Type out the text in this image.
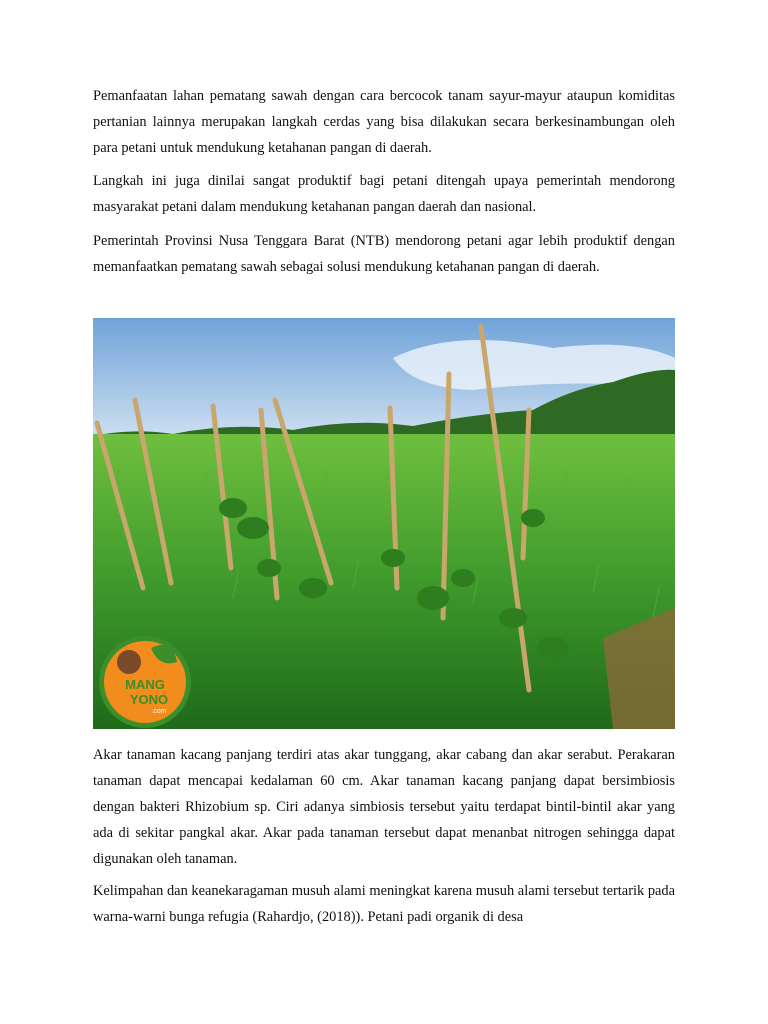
Pemanfaatan lahan pematang sawah dengan cara bercocok tanam sayur-mayur ataupun komiditas pertanian lainnya merupakan langkah cerdas yang bisa dilakukan secara berkesinambungan oleh para petani untuk mendukung ketahanan pangan di daerah.

Langkah ini juga dinilai sangat produktif bagi petani ditengah upaya pemerintah mendorong masyarakat petani dalam mendukung ketahanan pangan daerah dan nasional.

Pemerintah Provinsi Nusa Tenggara Barat (NTB) mendorong petani agar lebih produktif dengan memanfaatkan pematang sawah sebagai solusi mendukung ketahanan pangan di daerah.

MANG
YONO
.com

Akar tanaman kacang panjang terdiri atas akar tunggang, akar cabang dan akar serabut. Perakaran tanaman dapat mencapai kedalaman 60 cm. Akar tanaman kacang panjang dapat bersimbiosis dengan bakteri Rhizobium sp. Ciri adanya simbiosis tersebut yaitu terdapat bintil-bintil akar yang ada di sekitar pangkal akar. Akar pada tanaman tersebut dapat menanbat nitrogen sehingga dapat digunakan oleh tanaman.

Kelimpahan dan keanekaragaman musuh alami meningkat karena musuh alami tersebut tertarik pada warna-warni bunga refugia (Rahardjo, (2018)). Petani padi organik di desa
